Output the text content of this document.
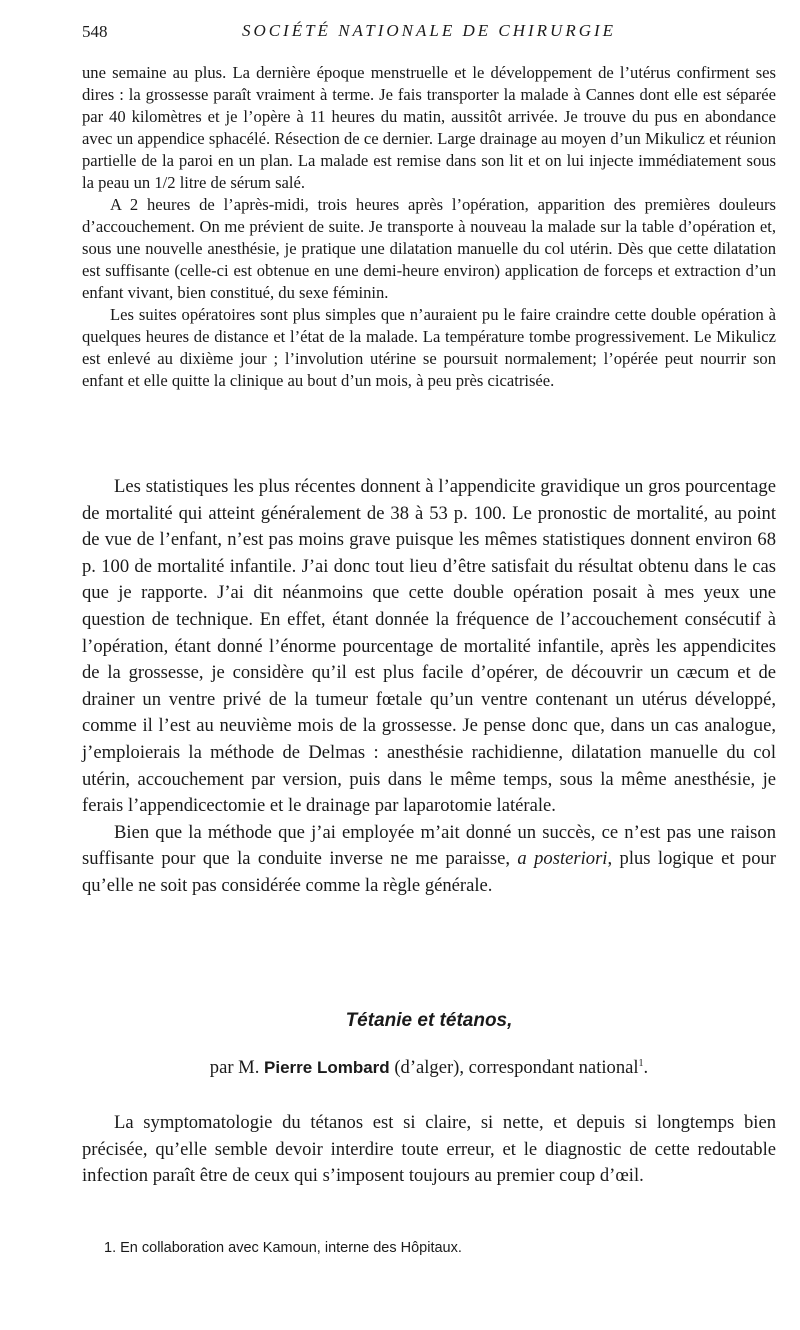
548	SOCIÉTÉ NATIONALE DE CHIRURGIE

une semaine au plus. La dernière époque menstruelle et le développement de l’utérus confirment ses dires : la grossesse paraît vraiment à terme. Je fais transporter la malade à Cannes dont elle est séparée par 40 kilomètres et je l’opère à 11 heures du matin, aussitôt arrivée. Je trouve du pus en abondance avec un appendice sphacélé. Résection de ce dernier. Large drainage au moyen d’un Mikulicz et réunion partielle de la paroi en un plan. La malade est remise dans son lit et on lui injecte immédiatement sous la peau un 1/2 litre de sérum salé.

A 2 heures de l’après-midi, trois heures après l’opération, apparition des premières douleurs d’accouchement. On me prévient de suite. Je transporte à nouveau la malade sur la table d’opération et, sous une nouvelle anesthésie, je pratique une dilatation manuelle du col utérin. Dès que cette dilatation est suffisante (celle-ci est obtenue en une demi-heure environ) application de forceps et extraction d’un enfant vivant, bien constitué, du sexe féminin.

Les suites opératoires sont plus simples que n’auraient pu le faire craindre cette double opération à quelques heures de distance et l’état de la malade. La température tombe progressivement. Le Mikulicz est enlevé au dixième jour ; l’involution utérine se poursuit normalement; l’opérée peut nourrir son enfant et elle quitte la clinique au bout d’un mois, à peu près cicatrisée.

Les statistiques les plus récentes donnent à l’appendicite gravidique un gros pourcentage de mortalité qui atteint généralement de 38 à 53 p. 100. Le pronostic de mortalité, au point de vue de l’enfant, n’est pas moins grave puisque les mêmes statistiques donnent environ 68 p. 100 de mortalité infantile. J’ai donc tout lieu d’être satisfait du résultat obtenu dans le cas que je rapporte. J’ai dit néanmoins que cette double opération posait à mes yeux une question de technique. En effet, étant donnée la fréquence de l’accouchement consécutif à l’opération, étant donné l’énorme pourcentage de mortalité infantile, après les appendicites de la grossesse, je considère qu’il est plus facile d’opérer, de découvrir un cæcum et de drainer un ventre privé de la tumeur fœtale qu’un ventre contenant un utérus développé, comme il l’est au neuvième mois de la grossesse. Je pense donc que, dans un cas analogue, j’emploierais la méthode de Delmas : anesthésie rachidienne, dilatation manuelle du col utérin, accouchement par version, puis dans le même temps, sous la même anesthésie, je ferais l’appendicectomie et le drainage par laparotomie latérale.

Bien que la méthode que j’ai employée m’ait donné un succès, ce n’est pas une raison suffisante pour que la conduite inverse ne me paraisse, a posteriori, plus logique et pour qu’elle ne soit pas considérée comme la règle générale.

Tétanie et tétanos,
par M. Pierre Lombard (d’alger), correspondant national$^1$.

La symptomatologie du tétanos est si claire, si nette, et depuis si longtemps bien précisée, qu’elle semble devoir interdire toute erreur, et le diagnostic de cette redoutable infection paraît être de ceux qui s’imposent toujours au premier coup d’œil.

1. En collaboration avec Kamoun, interne des Hôpitaux.
